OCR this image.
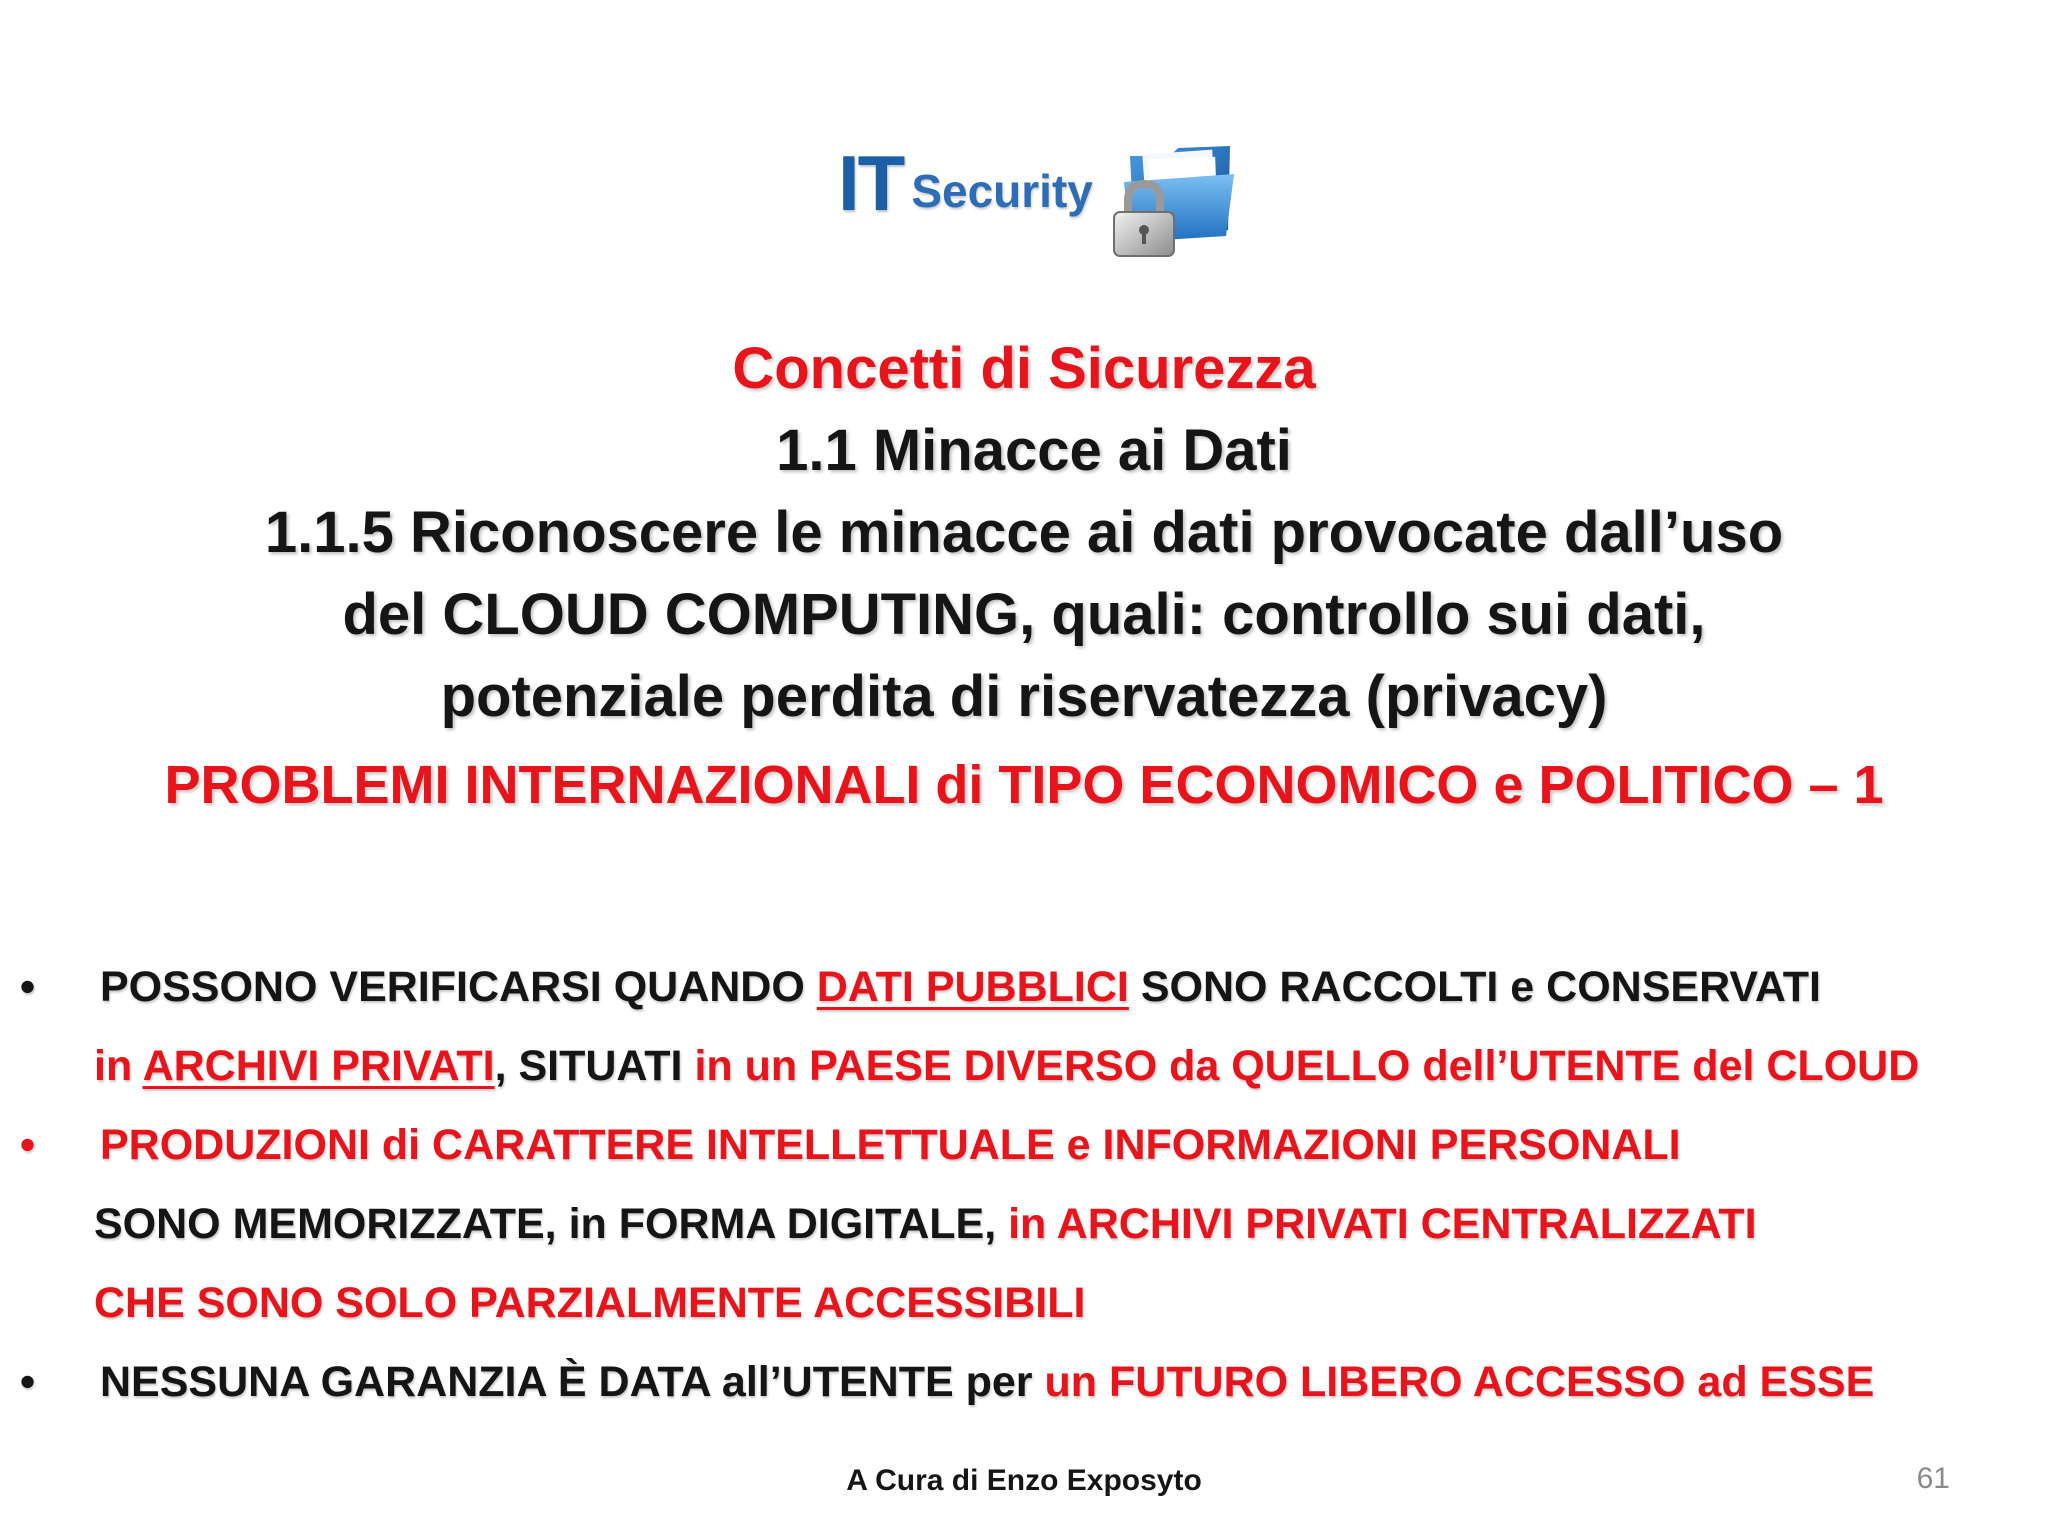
IT Security
Concetti di Sicurezza
1.1 Minacce ai Dati
1.1.5 Riconoscere le minacce ai dati provocate dall’uso
del CLOUD COMPUTING, quali: controllo sui dati,
potenziale perdita di riservatezza (privacy)
PROBLEMI INTERNAZIONALI di TIPO ECONOMICO e POLITICO – 1
• POSSONO VERIFICARSI QUANDO DATI PUBBLICI SONO RACCOLTI e CONSERVATI
in ARCHIVI PRIVATI, SITUATI in un PAESE DIVERSO da QUELLO dell’UTENTE del CLOUD
• PRODUZIONI di CARATTERE INTELLETTUALE e INFORMAZIONI PERSONALI
SONO MEMORIZZATE, in FORMA DIGITALE, in ARCHIVI PRIVATI CENTRALIZZATI
CHE SONO SOLO PARZIALMENTE ACCESSIBILI
• NESSUNA GARANZIA È DATA all’UTENTE per un FUTURO LIBERO ACCESSO ad ESSE
A Cura di Enzo Exposyto	61
